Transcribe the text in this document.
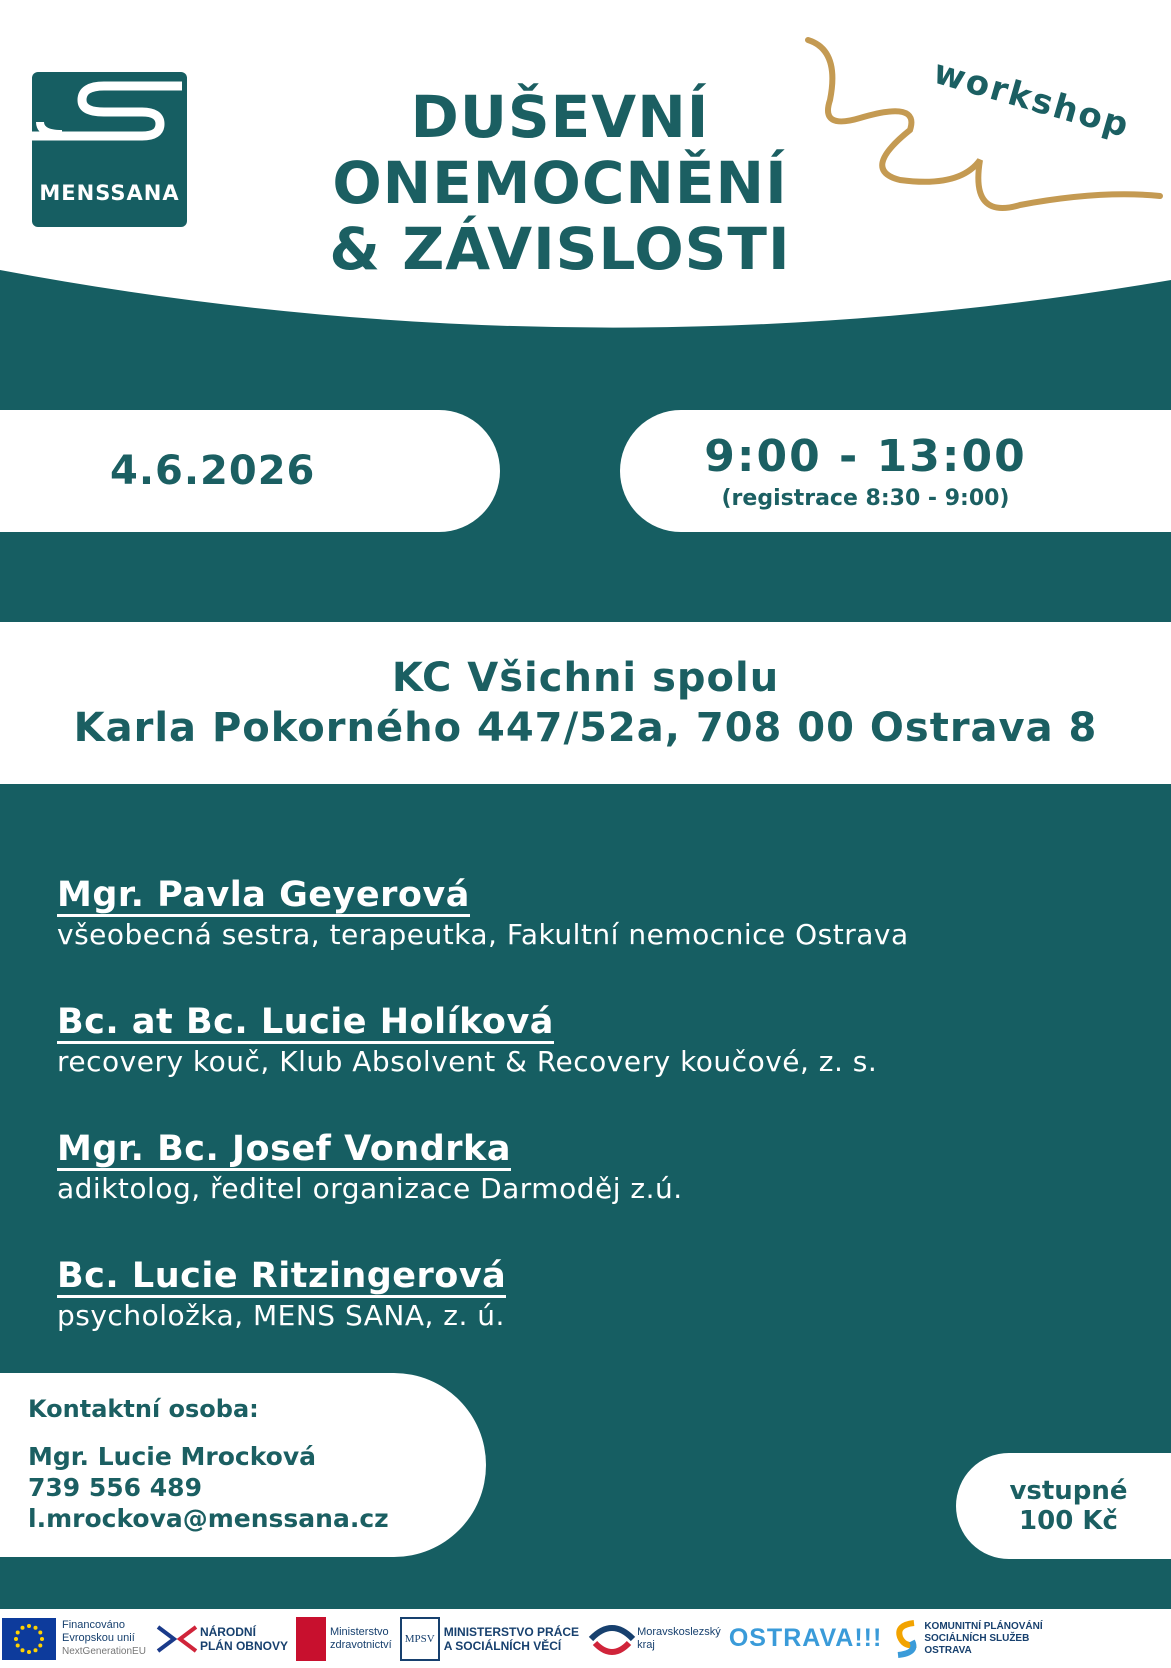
MENSSANA
DUŠEVNÍ
ONEMOCNĚNÍ
& ZÁVISLOSTI
workshop
4.6.2026	9:00 - 13:00
(registrace 8:30 - 9:00)
KC Všichni spolu
Karla Pokorného 447/52a, 708 00 Ostrava 8
Mgr. Pavla Geyerová
všeobecná sestra, terapeutka, Fakultní nemocnice Ostrava
Bc. at Bc. Lucie Holíková
recovery kouč, Klub Absolvent & Recovery koučové, z. s.
Mgr. Bc. Josef Vondrka
adiktolog, ředitel organizace Darmoděj z.ú.
Bc. Lucie Ritzingerová
psycholožka, MENS SANA, z. ú.
Kontaktní osoba:
Mgr. Lucie Mrocková
739 556 489
l.mrockova@menssana.cz
vstupné
100 Kč
Financováno
Evropskou unií
NextGenerationEU
NÁRODNÍ
PLÁN OBNOVY
Ministerstvo
zdravotnictví	MPSV MINISTERSTVO PRÁCE
A SOCIÁLNÍCH VĚCÍ
Moravskoslezský
kraj	OSTRAVA!!!	KOMUNITNÍ PLÁNOVÁNÍ
SOCIÁLNÍCH SLUŽEB
OSTRAVA
